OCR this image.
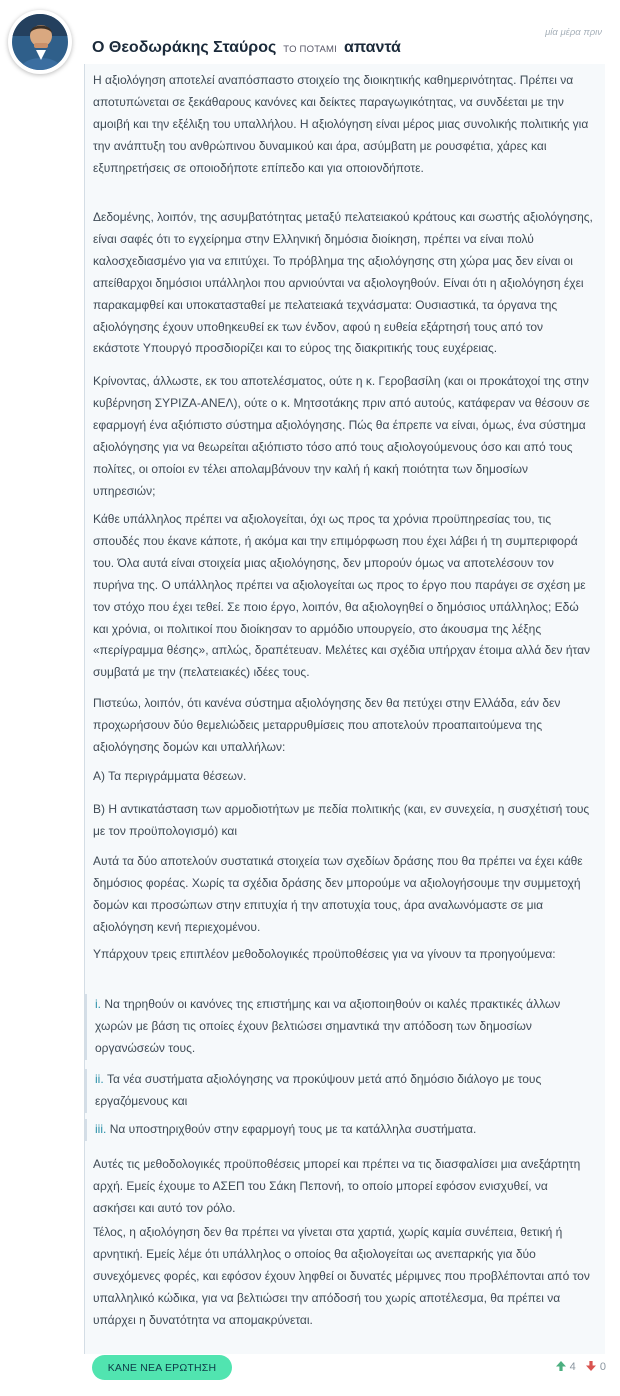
Ο Θεοδωράκης Σταύρος ΤΟ ΠΟΤΑΜΙ απαντά
μία μέρα πριν

Η αξιολόγηση αποτελεί αναπόσπαστο στοιχείο της διοικητικής καθημερινότητας. Πρέπει να αποτυπώνεται σε ξεκάθαρους κανόνες και δείκτες παραγωγικότητας, να συνδέεται με την αμοιβή και την εξέλιξη του υπαλλήλου. Η αξιολόγηση είναι μέρος μιας συνολικής πολιτικής για την ανάπτυξη του ανθρώπινου δυναμικού και άρα, ασύμβατη με ρουσφέτια, χάρες και εξυπηρετήσεις σε οποιοδήποτε επίπεδο και για οποιονδήποτε.

Δεδομένης, λοιπόν, της ασυμβατότητας μεταξύ πελατειακού κράτους και σωστής αξιολόγησης, είναι σαφές ότι το εγχείρημα στην Ελληνική δημόσια διοίκηση, πρέπει να είναι πολύ καλοσχεδιασμένο για να επιτύχει. Το πρόβλημα της αξιολόγησης στη χώρα μας δεν είναι οι απείθαρχοι δημόσιοι υπάλληλοι που αρνιούνται να αξιολογηθούν. Είναι ότι η αξιολόγηση έχει παρακαμφθεί και υποκατασταθεί με πελατειακά τεχνάσματα: Ουσιαστικά, τα όργανα της αξιολόγησης έχουν υποθηκευθεί εκ των ένδον, αφού η ευθεία εξάρτησή τους από τον εκάστοτε Υπουργό προσδιορίζει και το εύρος της διακριτικής τους ευχέρειας.

Κρίνοντας, άλλωστε, εκ του αποτελέσματος, ούτε η κ. Γεροβασίλη (και οι προκάτοχοί της στην κυβέρνηση ΣΥΡΙΖΑ-ΑΝΕΛ), ούτε ο κ. Μητσοτάκης πριν από αυτούς, κατάφεραν να θέσουν σε εφαρμογή ένα αξιόπιστο σύστημα αξιολόγησης. Πώς θα έπρεπε να είναι, όμως, ένα σύστημα αξιολόγησης για να θεωρείται αξιόπιστο τόσο από τους αξιολογούμενους όσο και από τους πολίτες, οι οποίοι εν τέλει απολαμβάνουν την καλή ή κακή ποιότητα των δημοσίων υπηρεσιών;

Κάθε υπάλληλος πρέπει να αξιολογείται, όχι ως προς τα χρόνια προϋπηρεσίας του, τις σπουδές που έκανε κάποτε, ή ακόμα και την επιμόρφωση που έχει λάβει ή τη συμπεριφορά του. Όλα αυτά είναι στοιχεία μιας αξιολόγησης, δεν μπορούν όμως να αποτελέσουν τον πυρήνα της. Ο υπάλληλος πρέπει να αξιολογείται ως προς το έργο που παράγει σε σχέση με τον στόχο που έχει τεθεί. Σε ποιο έργο, λοιπόν, θα αξιολογηθεί ο δημόσιος υπάλληλος; Εδώ και χρόνια, οι πολιτικοί που διοίκησαν το αρμόδιο υπουργείο, στο άκουσμα της λέξης «περίγραμμα θέσης», απλώς, δραπέτευαν. Μελέτες και σχέδια υπήρχαν έτοιμα αλλά δεν ήταν συμβατά με την (πελατειακές) ιδέες τους.

Πιστεύω, λοιπόν, ότι κανένα σύστημα αξιολόγησης δεν θα πετύχει στην Ελλάδα, εάν δεν προχωρήσουν δύο θεμελιώδεις μεταρρυθμίσεις που αποτελούν προαπαιτούμενα της αξιολόγησης δομών και υπαλλήλων:

Α) Τα περιγράμματα θέσεων.

Β) Η αντικατάσταση των αρμοδιοτήτων με πεδία πολιτικής (και, εν συνεχεία, η συσχέτισή τους με τον προϋπολογισμό) και

Αυτά τα δύο αποτελούν συστατικά στοιχεία των σχεδίων δράσης που θα πρέπει να έχει κάθε δημόσιος φορέας. Χωρίς τα σχέδια δράσης δεν μπορούμε να αξιολογήσουμε την συμμετοχή δομών και προσώπων στην επιτυχία ή την αποτυχία τους, άρα αναλωνόμαστε σε μια αξιολόγηση κενή περιεχομένου.

Υπάρχουν τρεις επιπλέον μεθοδολογικές προϋποθέσεις για να γίνουν τα προηγούμενα:

i. Να τηρηθούν οι κανόνες της επιστήμης και να αξιοποιηθούν οι καλές πρακτικές άλλων χωρών με βάση τις οποίες έχουν βελτιώσει σημαντικά την απόδοση των δημοσίων οργανώσεών τους.

ii. Τα νέα συστήματα αξιολόγησης να προκύψουν μετά από δημόσιο διάλογο με τους εργαζόμενους και

iii. Να υποστηριχθούν στην εφαρμογή τους με τα κατάλληλα συστήματα.

Αυτές τις μεθοδολογικές προϋποθέσεις μπορεί και πρέπει να τις διασφαλίσει μια ανεξάρτητη αρχή. Εμείς έχουμε το ΑΣΕΠ του Σάκη Πεπονή, το οποίο μπορεί εφόσον ενισχυθεί, να ασκήσει και αυτό τον ρόλο.

Τέλος, η αξιολόγηση δεν θα πρέπει να γίνεται στα χαρτιά, χωρίς καμία συνέπεια, θετική ή αρνητική. Εμείς λέμε ότι υπάλληλος ο οποίος θα αξιολογείται ως ανεπαρκής για δύο συνεχόμενες φορές, και εφόσον έχουν ληφθεί οι δυνατές μέριμνες που προβλέπονται από τον υπαλληλικό κώδικα, για να βελτιώσει την απόδοσή του χωρίς αποτέλεσμα, θα πρέπει να υπάρχει η δυνατότητα να απομακρύνεται.

ΚΑΝΕ ΝΕΑ ΕΡΩΤΗΣΗ	4 0
